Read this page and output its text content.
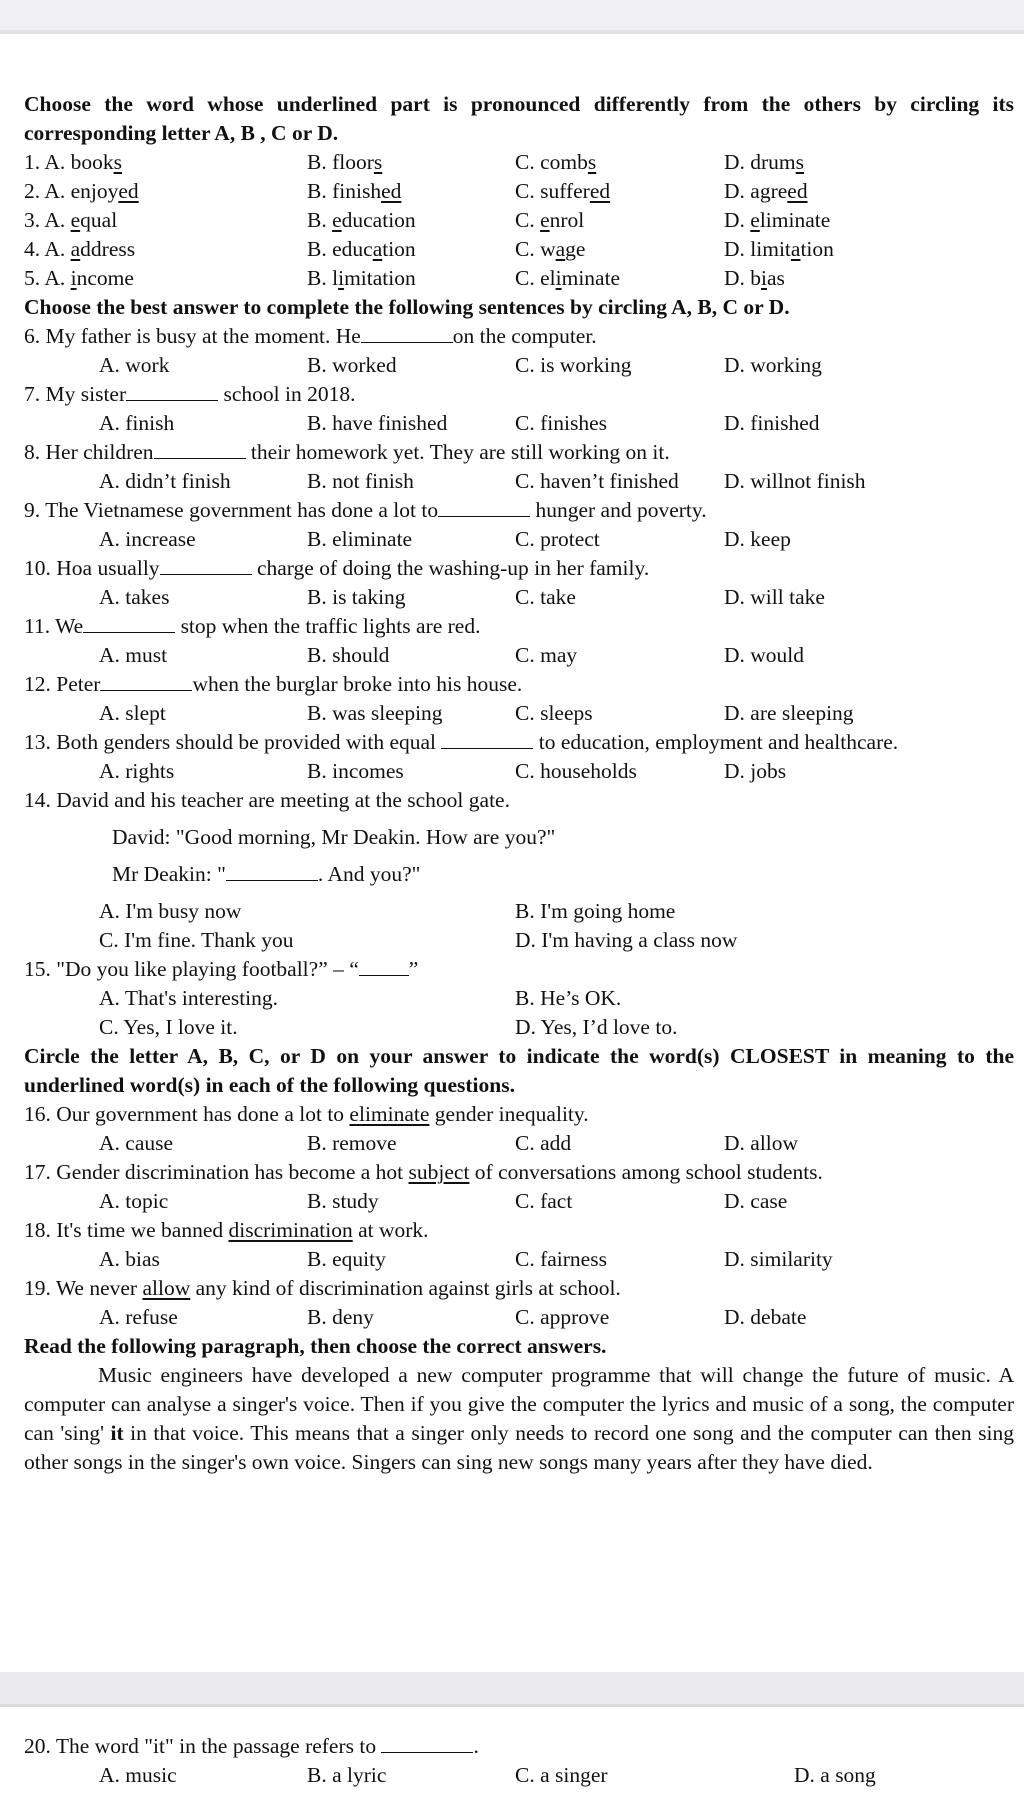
Choose the word whose underlined part is pronounced differently from the others by circling its corresponding letter A, B , C or D.
1. A. books	B. floors	C. combs	D. drums
2. A. enjoyed	B. finished	C. suffered	D. agreed
3. A. equal	B. education	C. enrol	D. eliminate
4. A. address	B. education	C. wage	D. limitation
5. A. income	B. limitation	C. eliminate	D. bias
Choose the best answer to complete the following sentences by circling A, B, C or D.
6. My father is busy at the moment. He	on the computer.
A. work	B. worked	C. is working	D. working
7. My sister	school in 2018.
A. finish	B. have finished	C. finishes	D. finished
8. Her children	their homework yet. They are still working on it.
A. didn’t finish	B. not finish	C. haven’t finished D. willnot finish
9. The Vietnamese government has done a lot to	hunger and poverty.
A. increase	B. eliminate	C. protect	D. keep
10. Hoa usually	charge of doing the washing-up in her family.
A. takes	B. is taking	C. take	D. will take
11. We	stop when the traffic lights are red.
A. must	B. should	C. may	D. would
12. Peter	when the burglar broke into his house.
A. slept	B. was sleeping	C. sleeps	D. are sleeping
13. Both genders should be provided with equal	to education, employment and healthcare.
A. rights	B. incomes	C. households	D. jobs
14. David and his teacher are meeting at the school gate.
David: "Good morning, Mr Deakin. How are you?"
Mr Deakin: "	. And you?"
A. I'm busy now	B. I'm going home
C. I'm fine. Thank you	D. I'm having a class now
15. "Do you like playing football?” – “ ”
A. That's interesting.	B. He’s OK.
C. Yes, I love it.	D. Yes, I’d love to.
Circle the letter A, B, C, or D on your answer to indicate the word(s) CLOSEST in meaning to the underlined word(s) in each of the following questions.
16. Our government has done a lot to eliminate gender inequality.
A. cause	B. remove	C. add	D. allow
17. Gender discrimination has become a hot subject of conversations among school students.
A. topic	B. study	C. fact	D. case
18. It's time we banned discrimination at work.
A. bias	B. equity	C. fairness	D. similarity
19. We never allow any kind of discrimination against girls at school.
A. refuse	B. deny	C. approve	D. debate
Read the following paragraph, then choose the correct answers.
Music engineers have developed a new computer programme that will change the future of music. A computer can analyse a singer's voice. Then if you give the computer the lyrics and music of a song, the computer can 'sing' it in that voice. This means that a singer only needs to record one song and the computer can then sing other songs in the singer's own voice. Singers can sing new songs many years after they have died.
20. The word "it" in the passage refers to	.
A. music	B. a lyric	C. a singer	D. a song
